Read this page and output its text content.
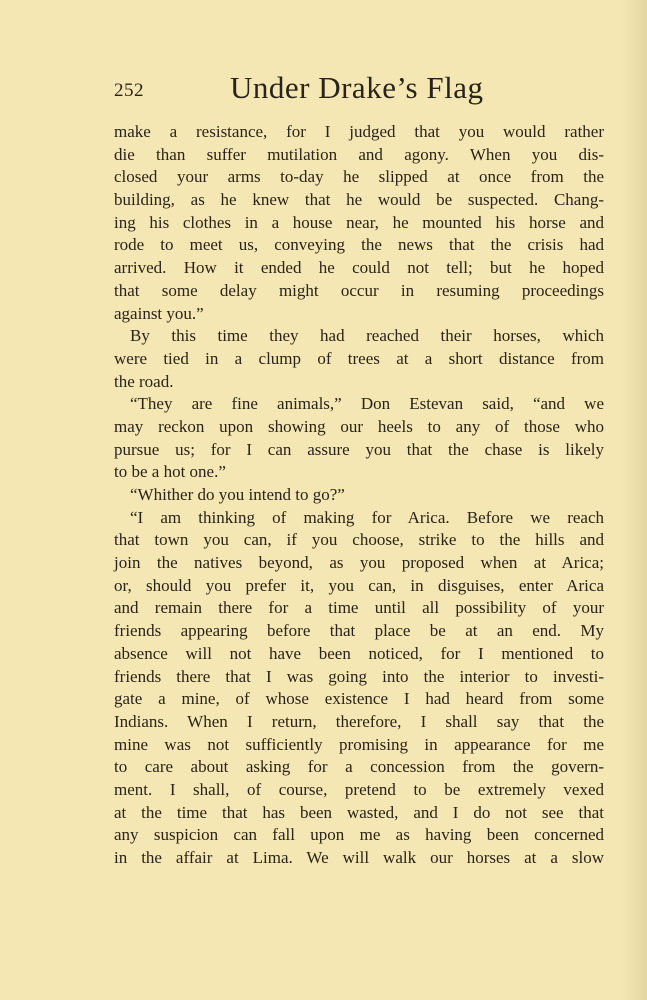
252	Under Drake’s Flag
make a resistance, for I judged that you would rather
die than suffer mutilation and agony. When you dis-
closed your arms to-day he slipped at once from the
building, as he knew that he would be suspected. Chang-
ing his clothes in a house near, he mounted his horse and
rode to meet us, conveying the news that the crisis had
arrived. How it ended he could not tell; but he hoped
that some delay might occur in resuming proceedings
against you.”
By this time they had reached their horses, which
were tied in a clump of trees at a short distance from
the road.
“They are fine animals,” Don Estevan said, “and we
may reckon upon showing our heels to any of those who
pursue us; for I can assure you that the chase is likely
to be a hot one.”
“Whither do you intend to go?”
“I am thinking of making for Arica. Before we reach
that town you can, if you choose, strike to the hills and
join the natives beyond, as you proposed when at Arica;
or, should you prefer it, you can, in disguises, enter Arica
and remain there for a time until all possibility of your
friends appearing before that place be at an end. My
absence will not have been noticed, for I mentioned to
friends there that I was going into the interior to investi-
gate a mine, of whose existence I had heard from some
Indians. When I return, therefore, I shall say that the
mine was not sufficiently promising in appearance for me
to care about asking for a concession from the govern-
ment. I shall, of course, pretend to be extremely vexed
at the time that has been wasted, and I do not see that
any suspicion can fall upon me as having been concerned
in the affair at Lima. We will walk our horses at a slow
